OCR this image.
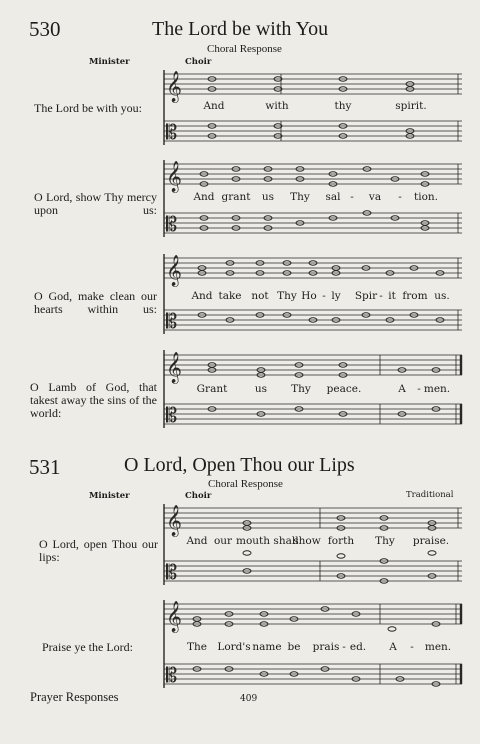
530	The Lord be with You
Choral Response
Minister	Choir
The Lord be with you:
𝄞
𝄡
𝄞
𝄡
𝄞
𝄡
𝄞
𝄡
𝄞
𝄡
𝄞
𝄡
And	with	thy	spirit.
O Lord, show Thy mercy upon us:
And grant us Thy sal - va - tion.
O God, make clean our hearts within us:
And take not Thy Ho - ly Spir - it from us.
O Lamb of God, that takest away the sins of the world:
Grant	us Thy peace.	A - men.
531	O Lord, Open Thou our Lips
Choral Response
Minister	Choir	Traditional
O Lord, open Thou our lips:
And our mouth shall	forth Thy praise.
show
Praise ye the Lord:	The Lord's name be prais - ed. A - men.
Prayer Responses	409
